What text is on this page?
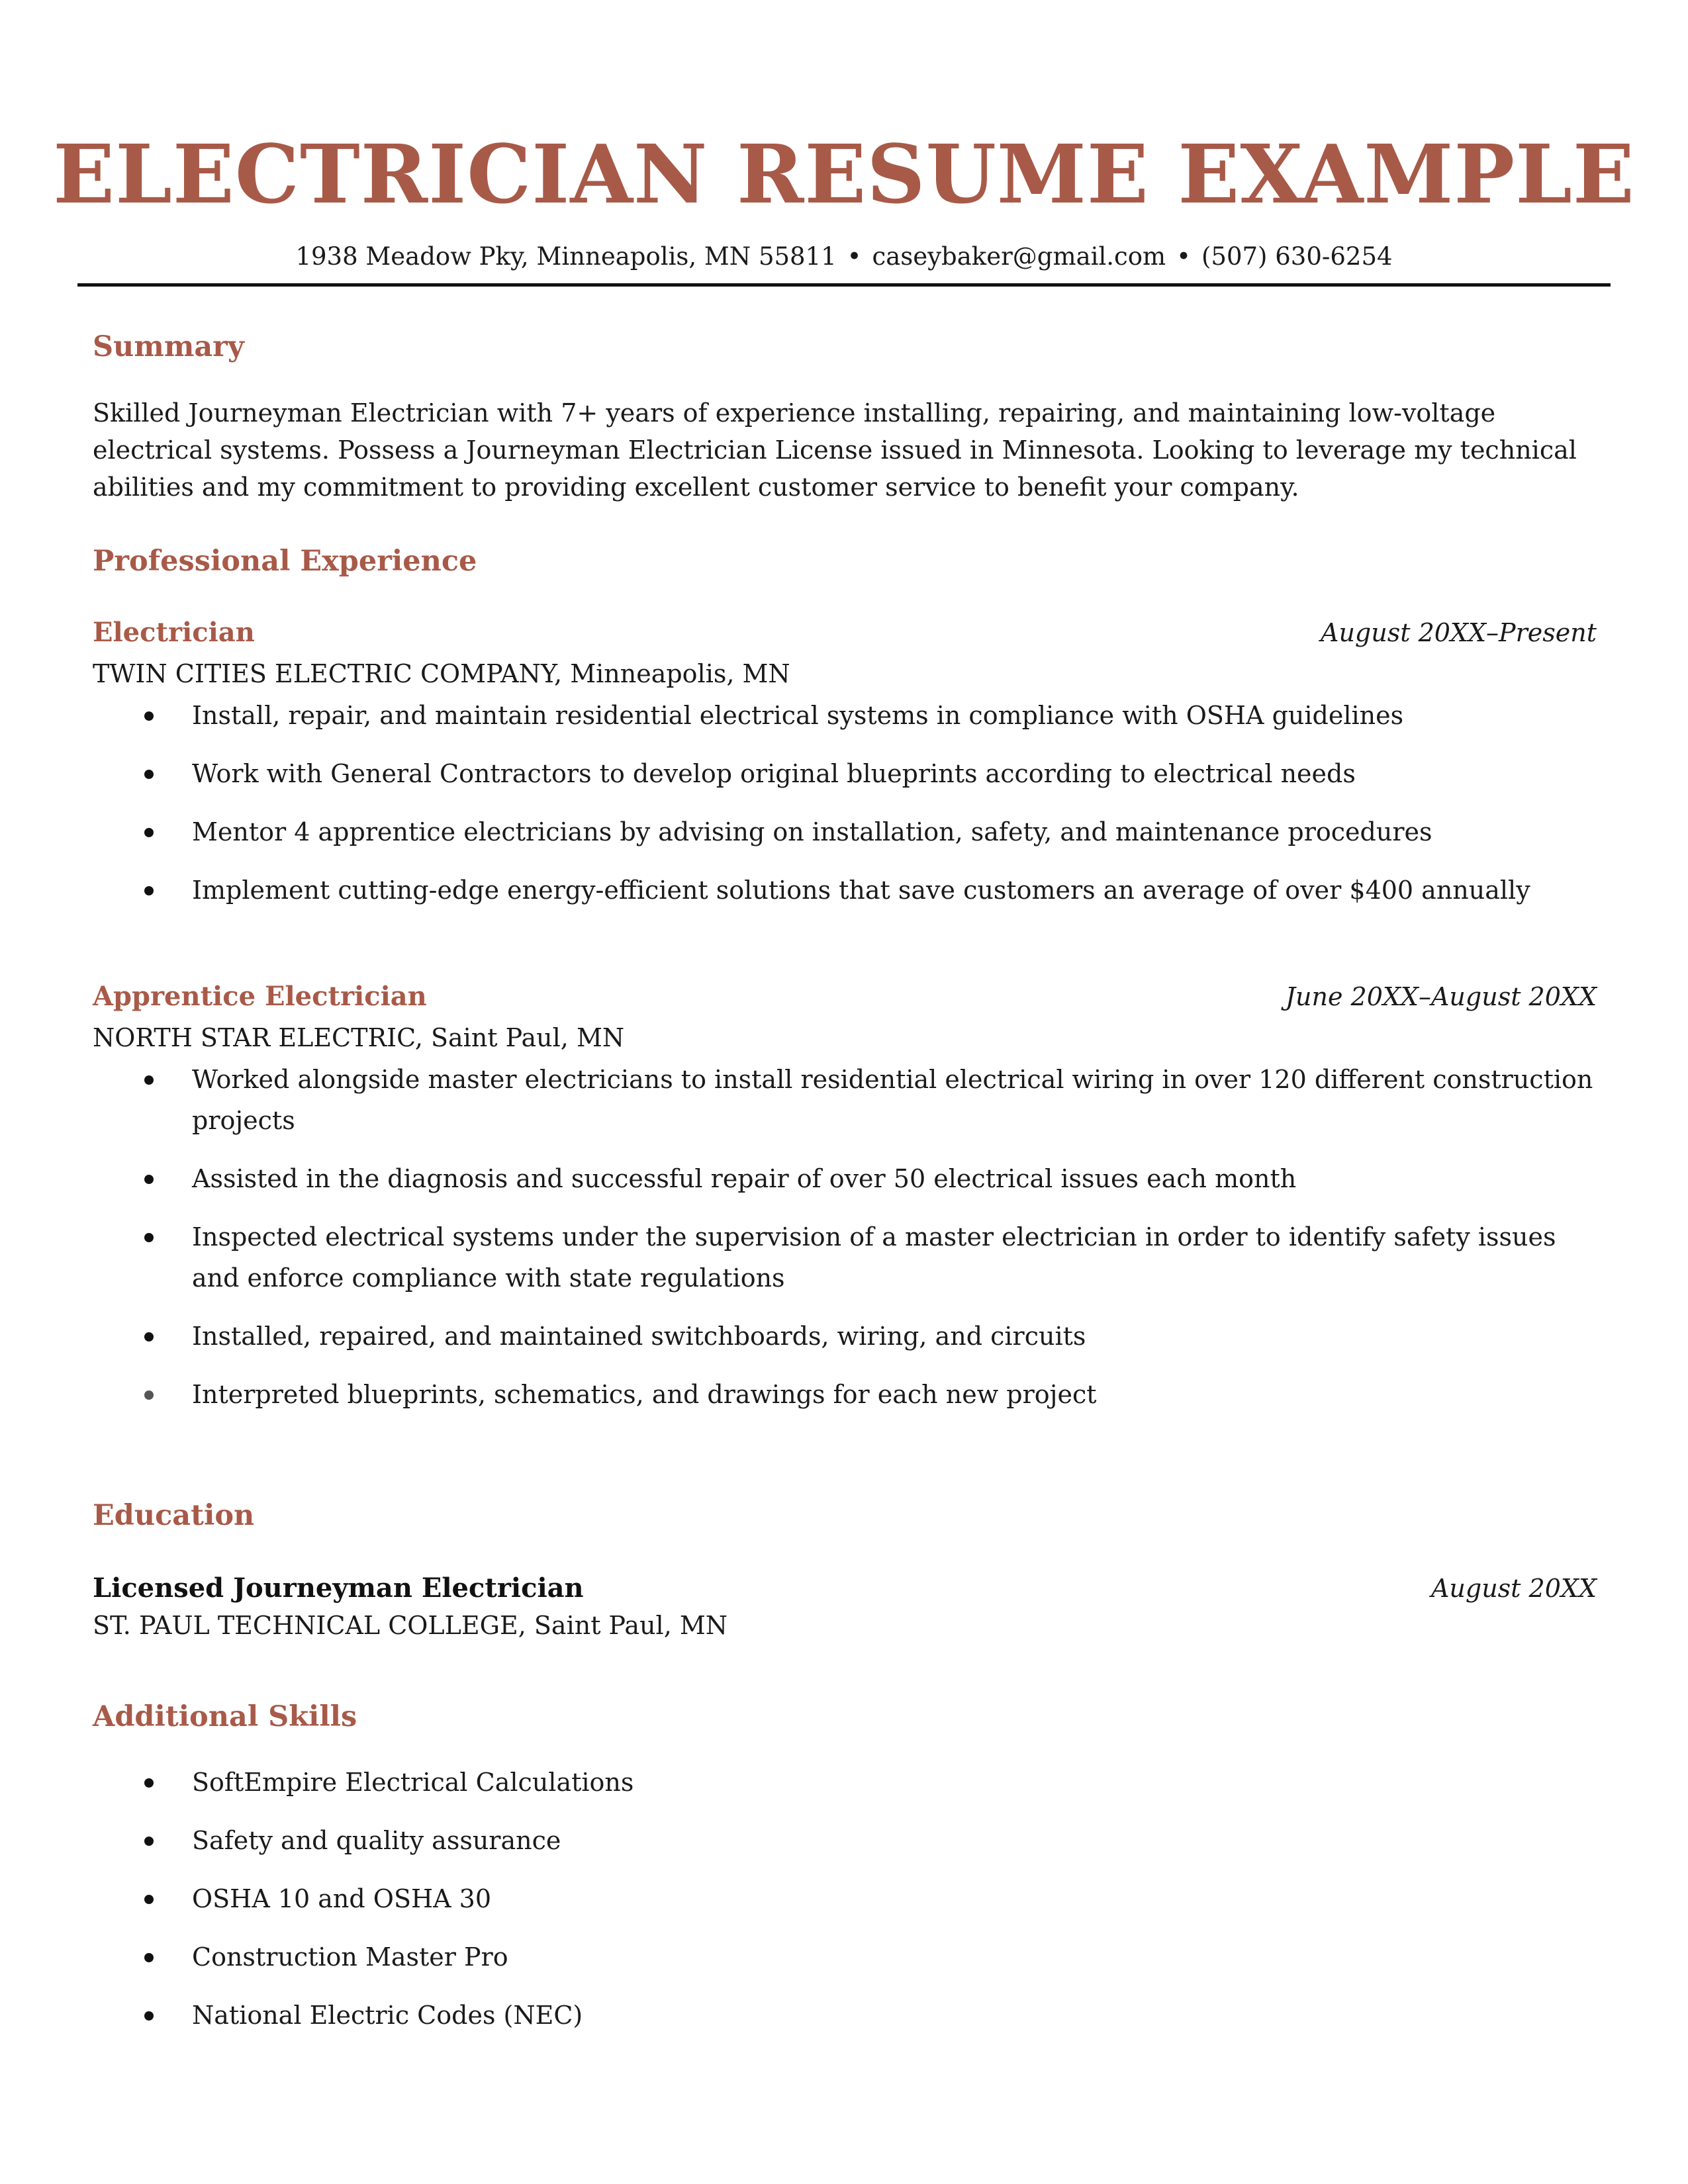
ELECTRICIAN RESUME EXAMPLE
1938 Meadow Pky, Minneapolis, MN 55811 • caseybaker@gmail.com • (507) 630-6254
Summary
Skilled Journeyman Electrician with 7+ years of experience installing, repairing, and maintaining low-voltage electrical systems. Possess a Journeyman Electrician License issued in Minnesota. Looking to leverage my technical abilities and my commitment to providing excellent customer service to benefit your company.
Professional Experience
Electrician	August 20XX–Present
TWIN CITIES ELECTRIC COMPANY, Minneapolis, MN
Install, repair, and maintain residential electrical systems in compliance with OSHA guidelines
Work with General Contractors to develop original blueprints according to electrical needs
Mentor 4 apprentice electricians by advising on installation, safety, and maintenance procedures
Implement cutting-edge energy-efficient solutions that save customers an average of over $400 annually
Apprentice Electrician	June 20XX–August 20XX
NORTH STAR ELECTRIC, Saint Paul, MN
Worked alongside master electricians to install residential electrical wiring in over 120 different construction projects
Assisted in the diagnosis and successful repair of over 50 electrical issues each month
Inspected electrical systems under the supervision of a master electrician in order to identify safety issues and enforce compliance with state regulations
Installed, repaired, and maintained switchboards, wiring, and circuits
Interpreted blueprints, schematics, and drawings for each new project
Education
Licensed Journeyman Electrician	August 20XX
ST. PAUL TECHNICAL COLLEGE, Saint Paul, MN
Additional Skills
SoftEmpire Electrical Calculations
Safety and quality assurance
OSHA 10 and OSHA 30
Construction Master Pro
National Electric Codes (NEC)
